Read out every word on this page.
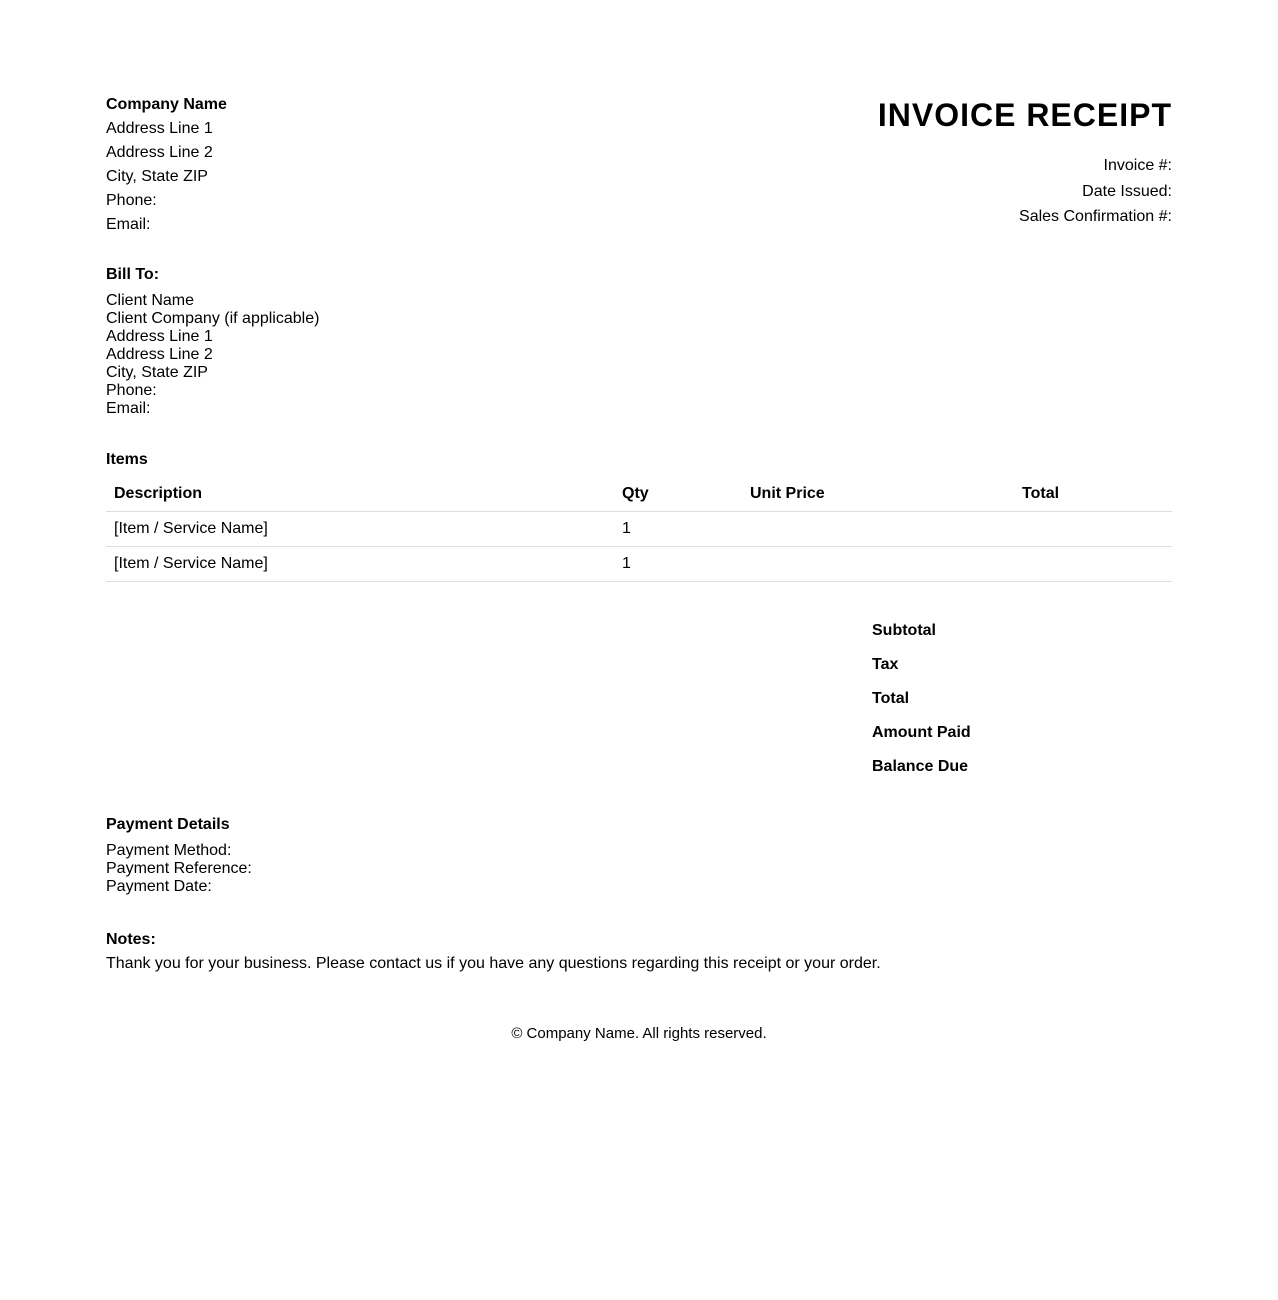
Company Name
Address Line 1
Address Line 2
City, State ZIP
Phone:
Email:
INVOICE RECEIPT
Invoice #:
Date Issued:
Sales Confirmation #:
Bill To:
Client Name
Client Company (if applicable)
Address Line 1
Address Line 2
City, State ZIP
Phone:
Email:
Items
Description	Qty	Unit Price	Total
[Item / Service Name]	1		
[Item / Service Name]	1		
Subtotal
Tax
Total
Amount Paid
Balance Due
Payment Details
Payment Method:
Payment Reference:
Payment Date:
Notes:
Thank you for your business. Please contact us if you have any questions regarding this receipt or your order.
© Company Name. All rights reserved.
